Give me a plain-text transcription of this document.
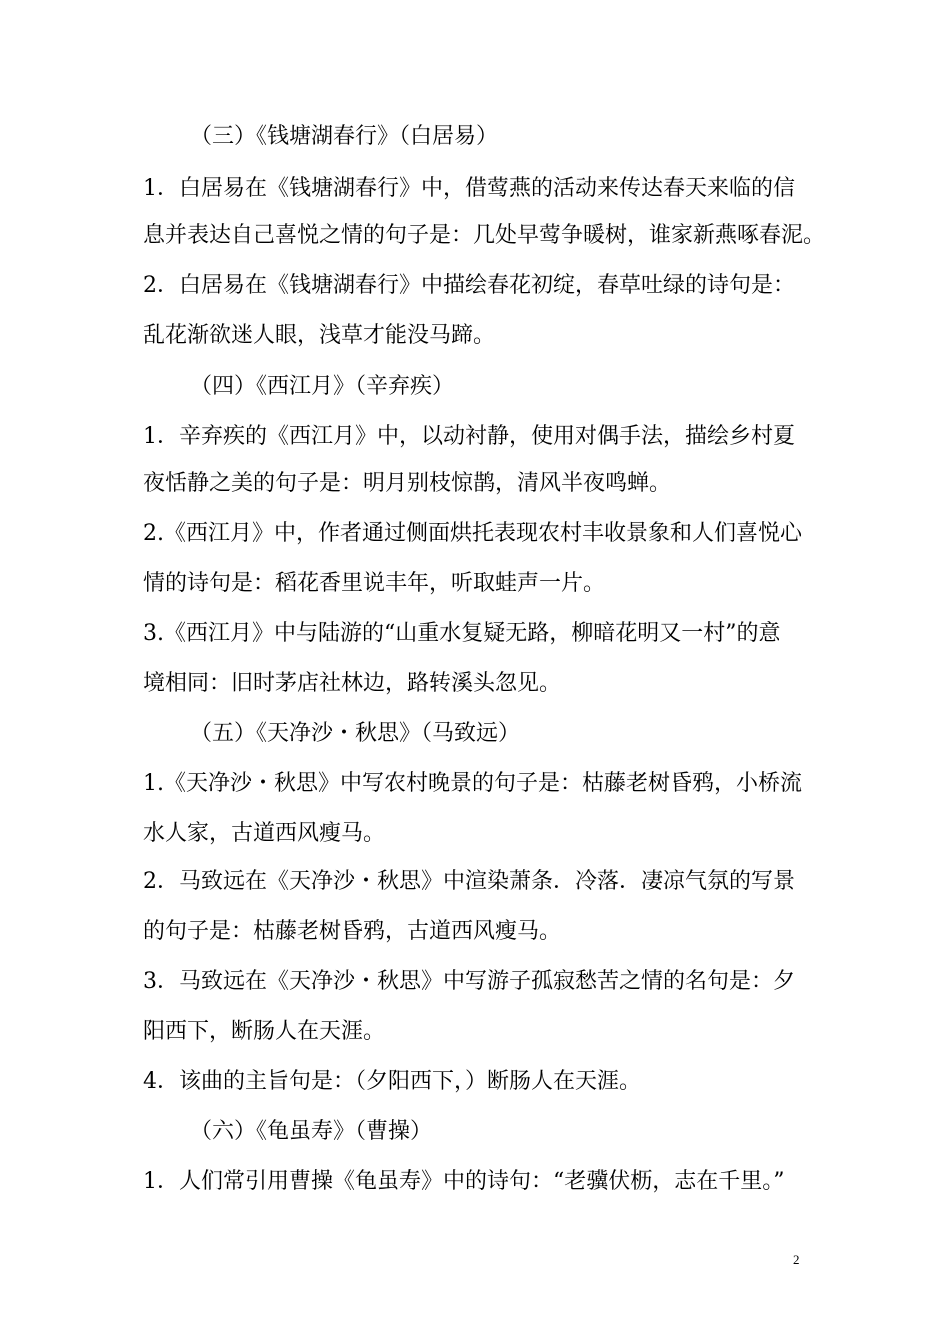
（三）《钱塘湖春行》（白居易）
1．白居易在《钱塘湖春行》中，借莺燕的活动来传达春天来临的信
息并表达自己喜悦之情的句子是：几处早莺争暖树，谁家新燕啄春泥。
2．白居易在《钱塘湖春行》中描绘春花初绽，春草吐绿的诗句是：
乱花渐欲迷人眼，浅草才能没马蹄。
（四）《西江月》（辛弃疾）
1．辛弃疾的《西江月》中，以动衬静，使用对偶手法，描绘乡村夏
夜恬静之美的句子是：明月别枝惊鹊，清风半夜鸣蝉。
2.《西江月》中，作者通过侧面烘托表现农村丰收景象和人们喜悦心
情的诗句是：稻花香里说丰年，听取蛙声一片。
3.《西江月》中与陆游的“山重水复疑无路，柳暗花明又一村”的意
境相同：旧时茅店社林边，路转溪头忽见。
（五）《天净沙・秋思》（马致远）
1.《天净沙・秋思》中写农村晚景的句子是：枯藤老树昏鸦，小桥流
水人家，古道西风瘦马。
2．马致远在《天净沙・秋思》中渲染萧条．冷落．凄凉气氛的写景
的句子是：枯藤老树昏鸦，古道西风瘦马。
3．马致远在《天净沙・秋思》中写游子孤寂愁苦之情的名句是：夕
阳西下，断肠人在天涯。
4．该曲的主旨句是：（夕阳西下，）断肠人在天涯。
（六）《龟虽寿》（曹操）
1．人们常引用曹操《龟虽寿》中的诗句：“老骥伏枥，志在千里。”
2
